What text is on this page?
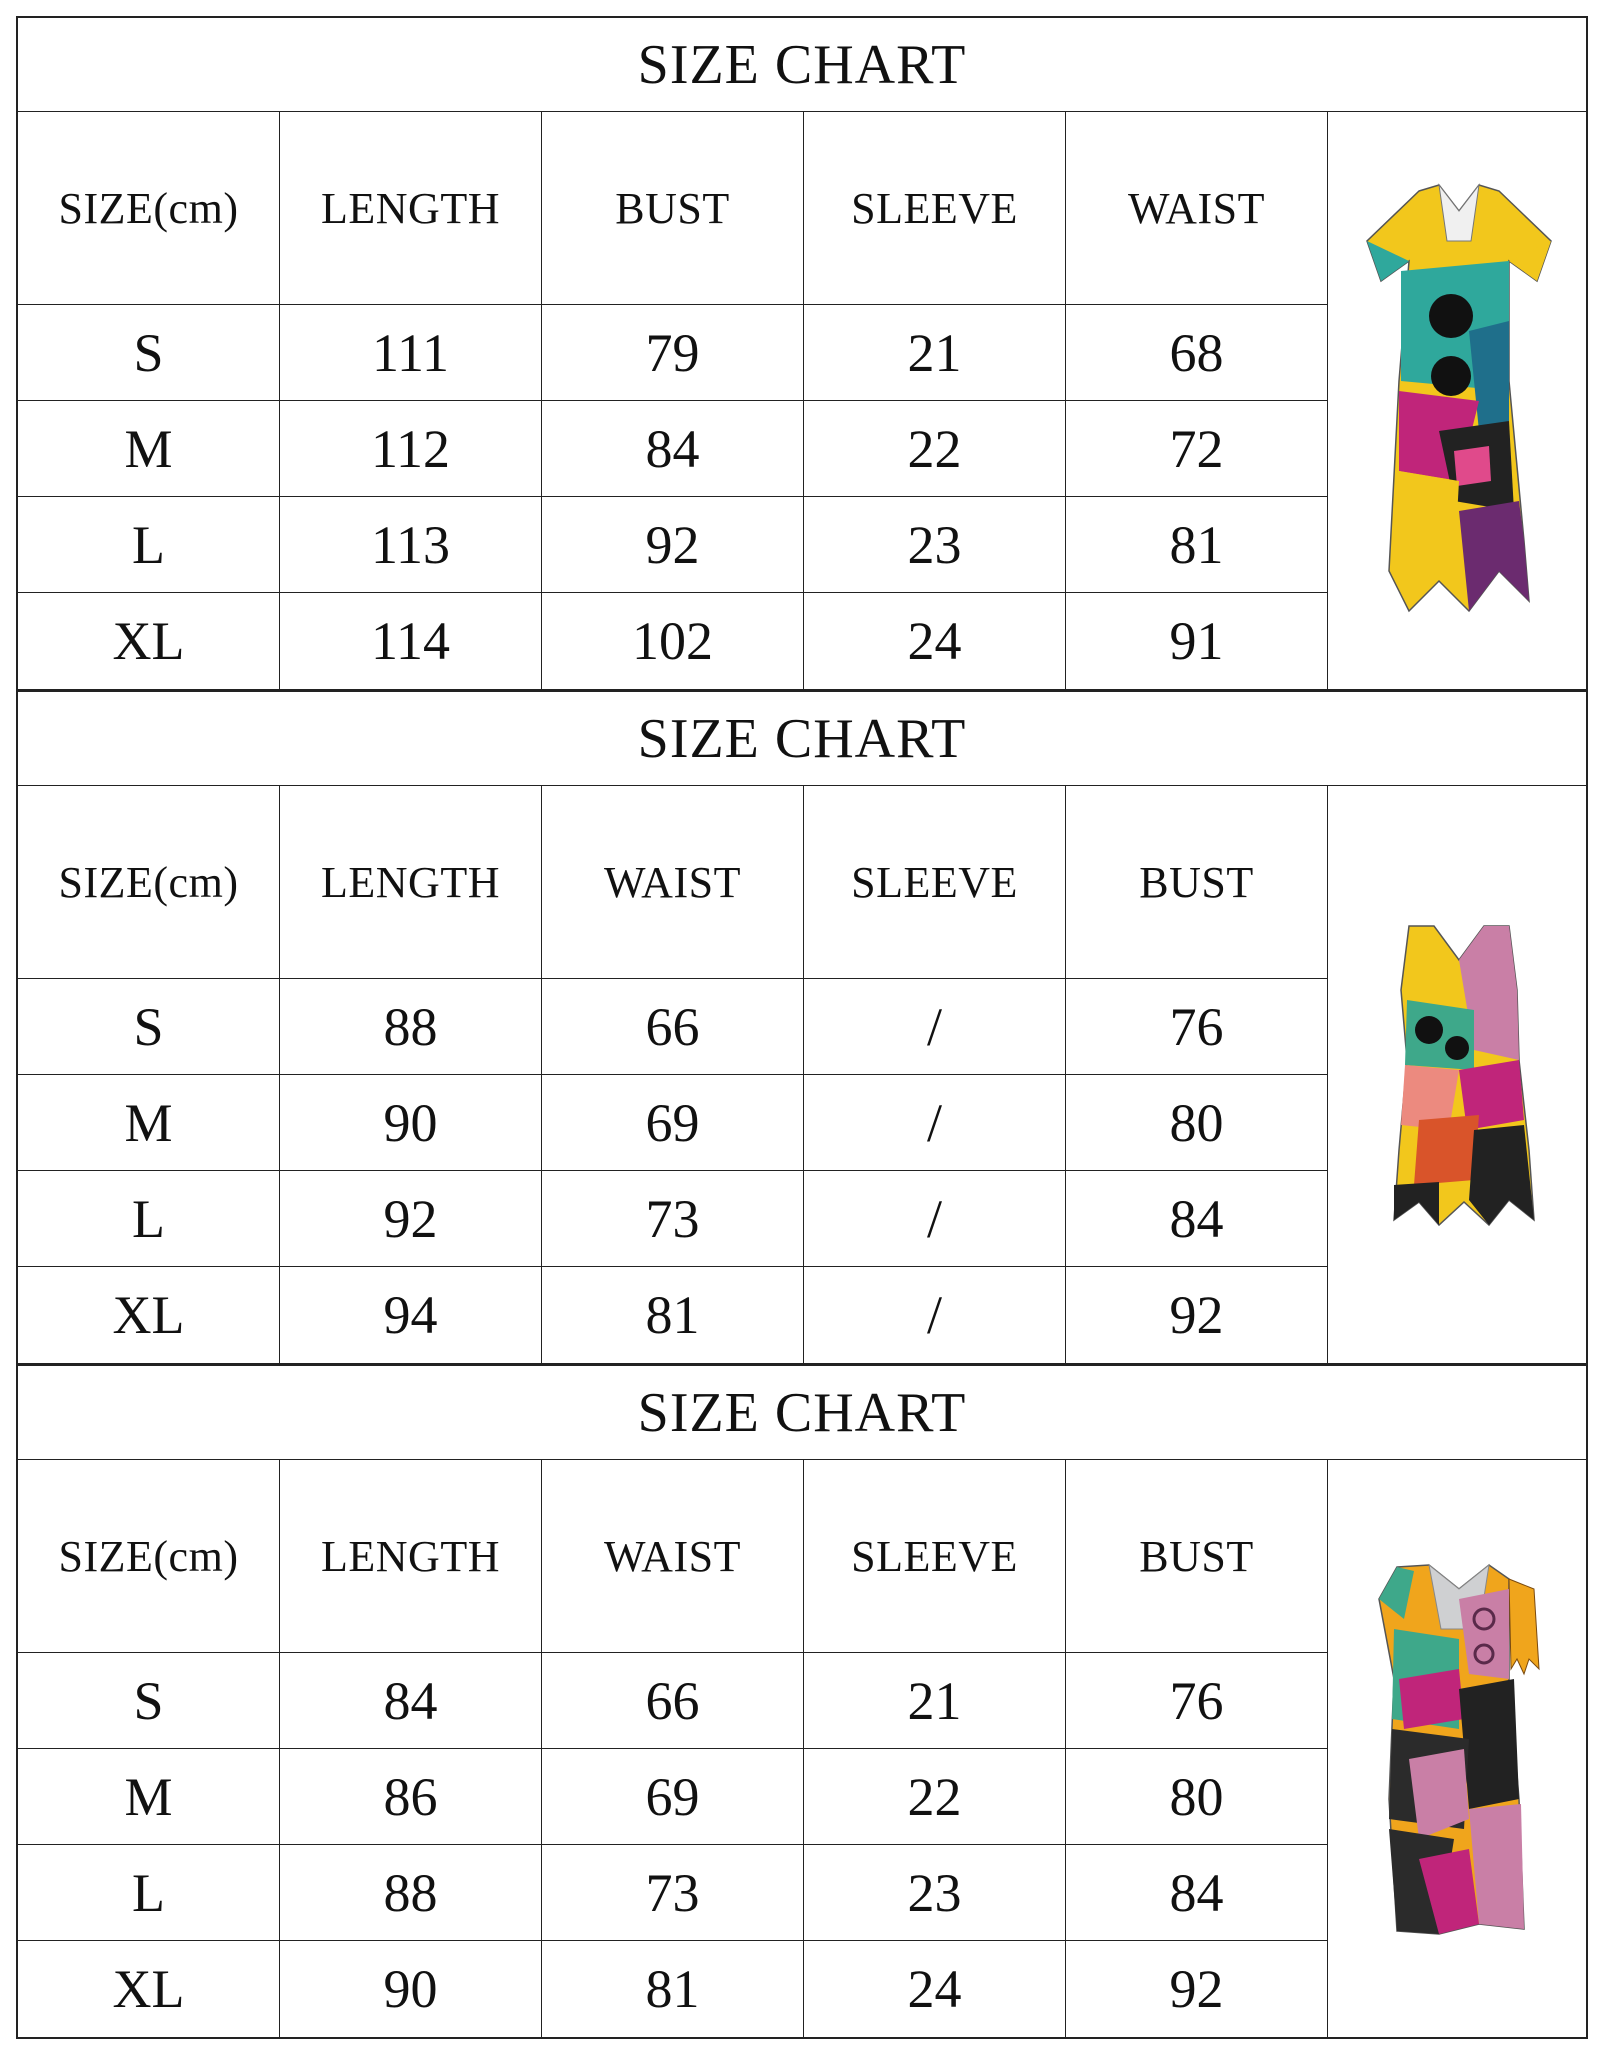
SIZE CHART
SIZE(cm)	LENGTH	BUST	SLEEVE	WAIST
S	111	79	21	68
M	112	84	22	72
L	113	92	23	81
XL	114	102	24	91
SIZE CHART
SIZE(cm)	LENGTH	WAIST	SLEEVE	BUST
S	88	66	/	76
M	90	69	/	80
L	92	73	/	84
XL	94	81	/	92
SIZE CHART
SIZE(cm)	LENGTH	WAIST	SLEEVE	BUST
S	84	66	21	76
M	86	69	22	80
L	88	73	23	84
XL	90	81	24	92
